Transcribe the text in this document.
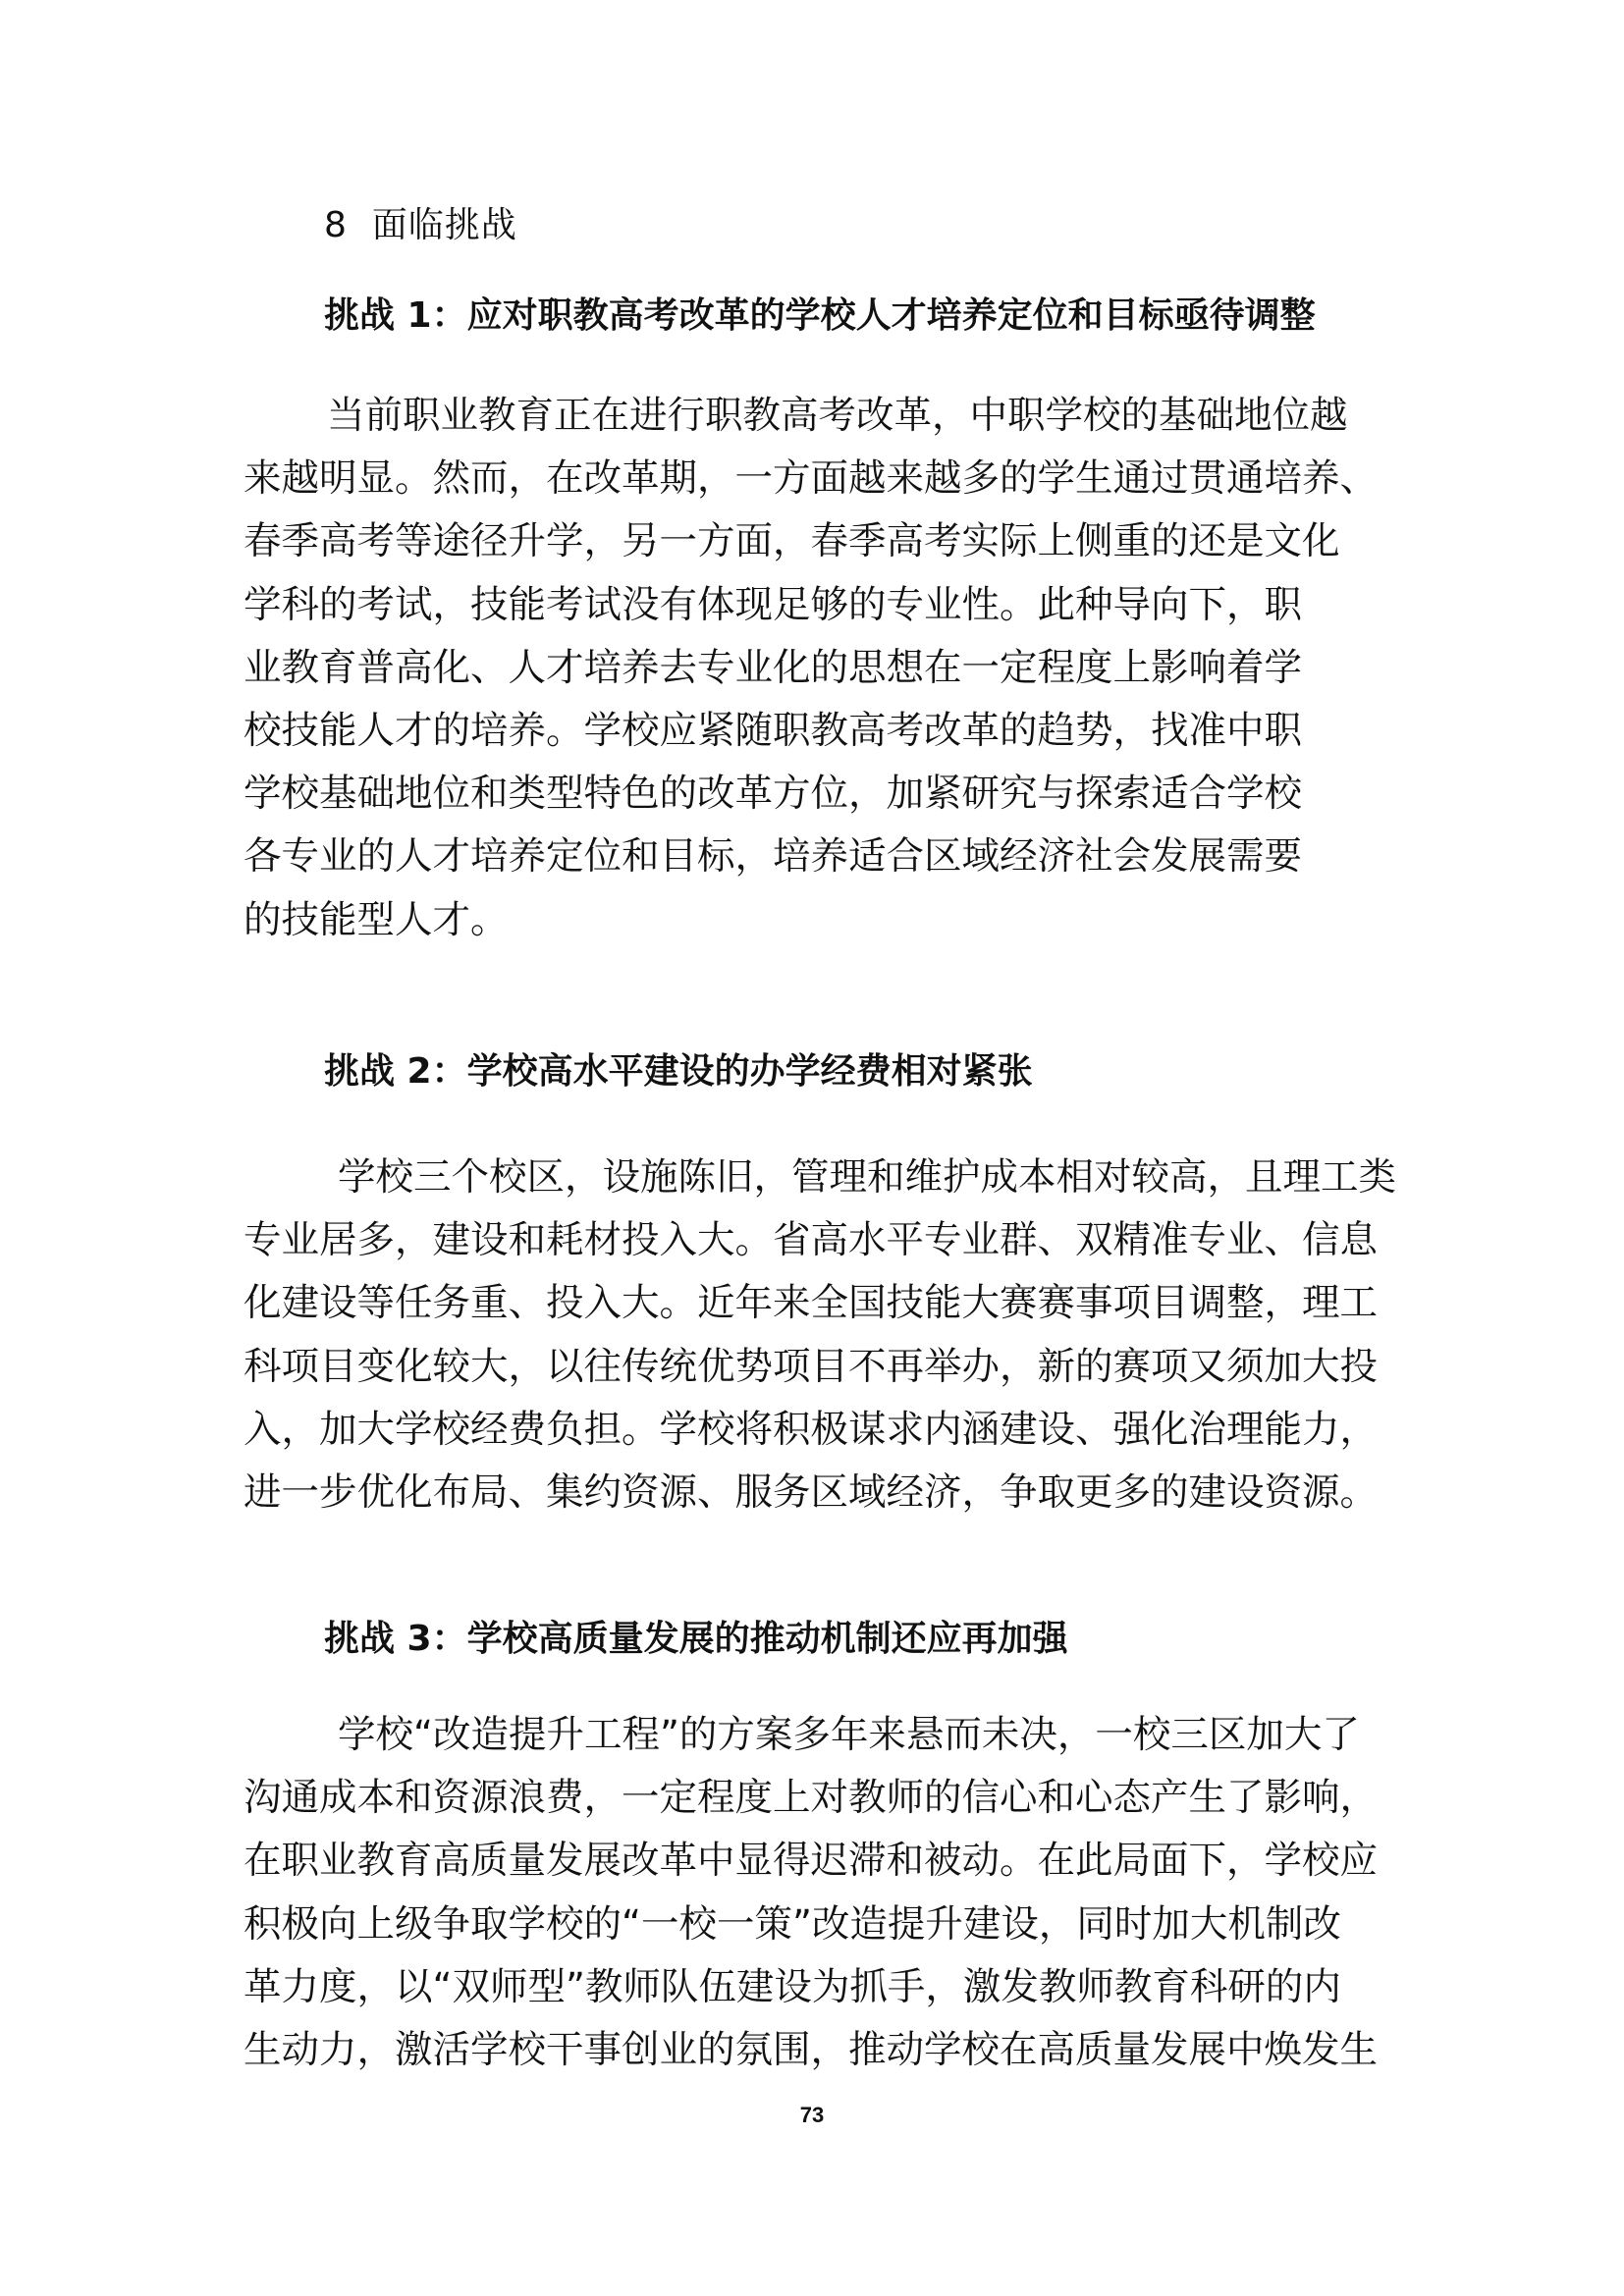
8 面临挑战
挑战 1：应对职教高考改革的学校人才培养定位和目标亟待调整
当前职业教育正在进行职教高考改革，中职学校的基础地位越
来越明显。然而，在改革期，一方面越来越多的学生通过贯通培养、
春季高考等途径升学，另一方面，春季高考实际上侧重的还是文化
学科的考试，技能考试没有体现足够的专业性。此种导向下，职
业教育普高化、人才培养去专业化的思想在一定程度上影响着学
校技能人才的培养。学校应紧随职教高考改革的趋势，找准中职
学校基础地位和类型特色的改革方位，加紧研究与探索适合学校
各专业的人才培养定位和目标，培养适合区域经济社会发展需要
的技能型人才。
挑战 2：学校高水平建设的办学经费相对紧张
学校三个校区，设施陈旧，管理和维护成本相对较高，且理工类
专业居多，建设和耗材投入大。省高水平专业群、双精准专业、信息
化建设等任务重、投入大。近年来全国技能大赛赛事项目调整，理工
科项目变化较大，以往传统优势项目不再举办，新的赛项又须加大投
入，加大学校经费负担。学校将积极谋求内涵建设、强化治理能力，
进一步优化布局、集约资源、服务区域经济，争取更多的建设资源。
挑战 3：学校高质量发展的推动机制还应再加强
学校“改造提升工程”的方案多年来悬而未决，一校三区加大了
沟通成本和资源浪费，一定程度上对教师的信心和心态产生了影响，
在职业教育高质量发展改革中显得迟滞和被动。在此局面下，学校应
积极向上级争取学校的“一校一策”改造提升建设，同时加大机制改
革力度，以“双师型”教师队伍建设为抓手，激发教师教育科研的内
生动力，激活学校干事创业的氛围，推动学校在高质量发展中焕发生
73
